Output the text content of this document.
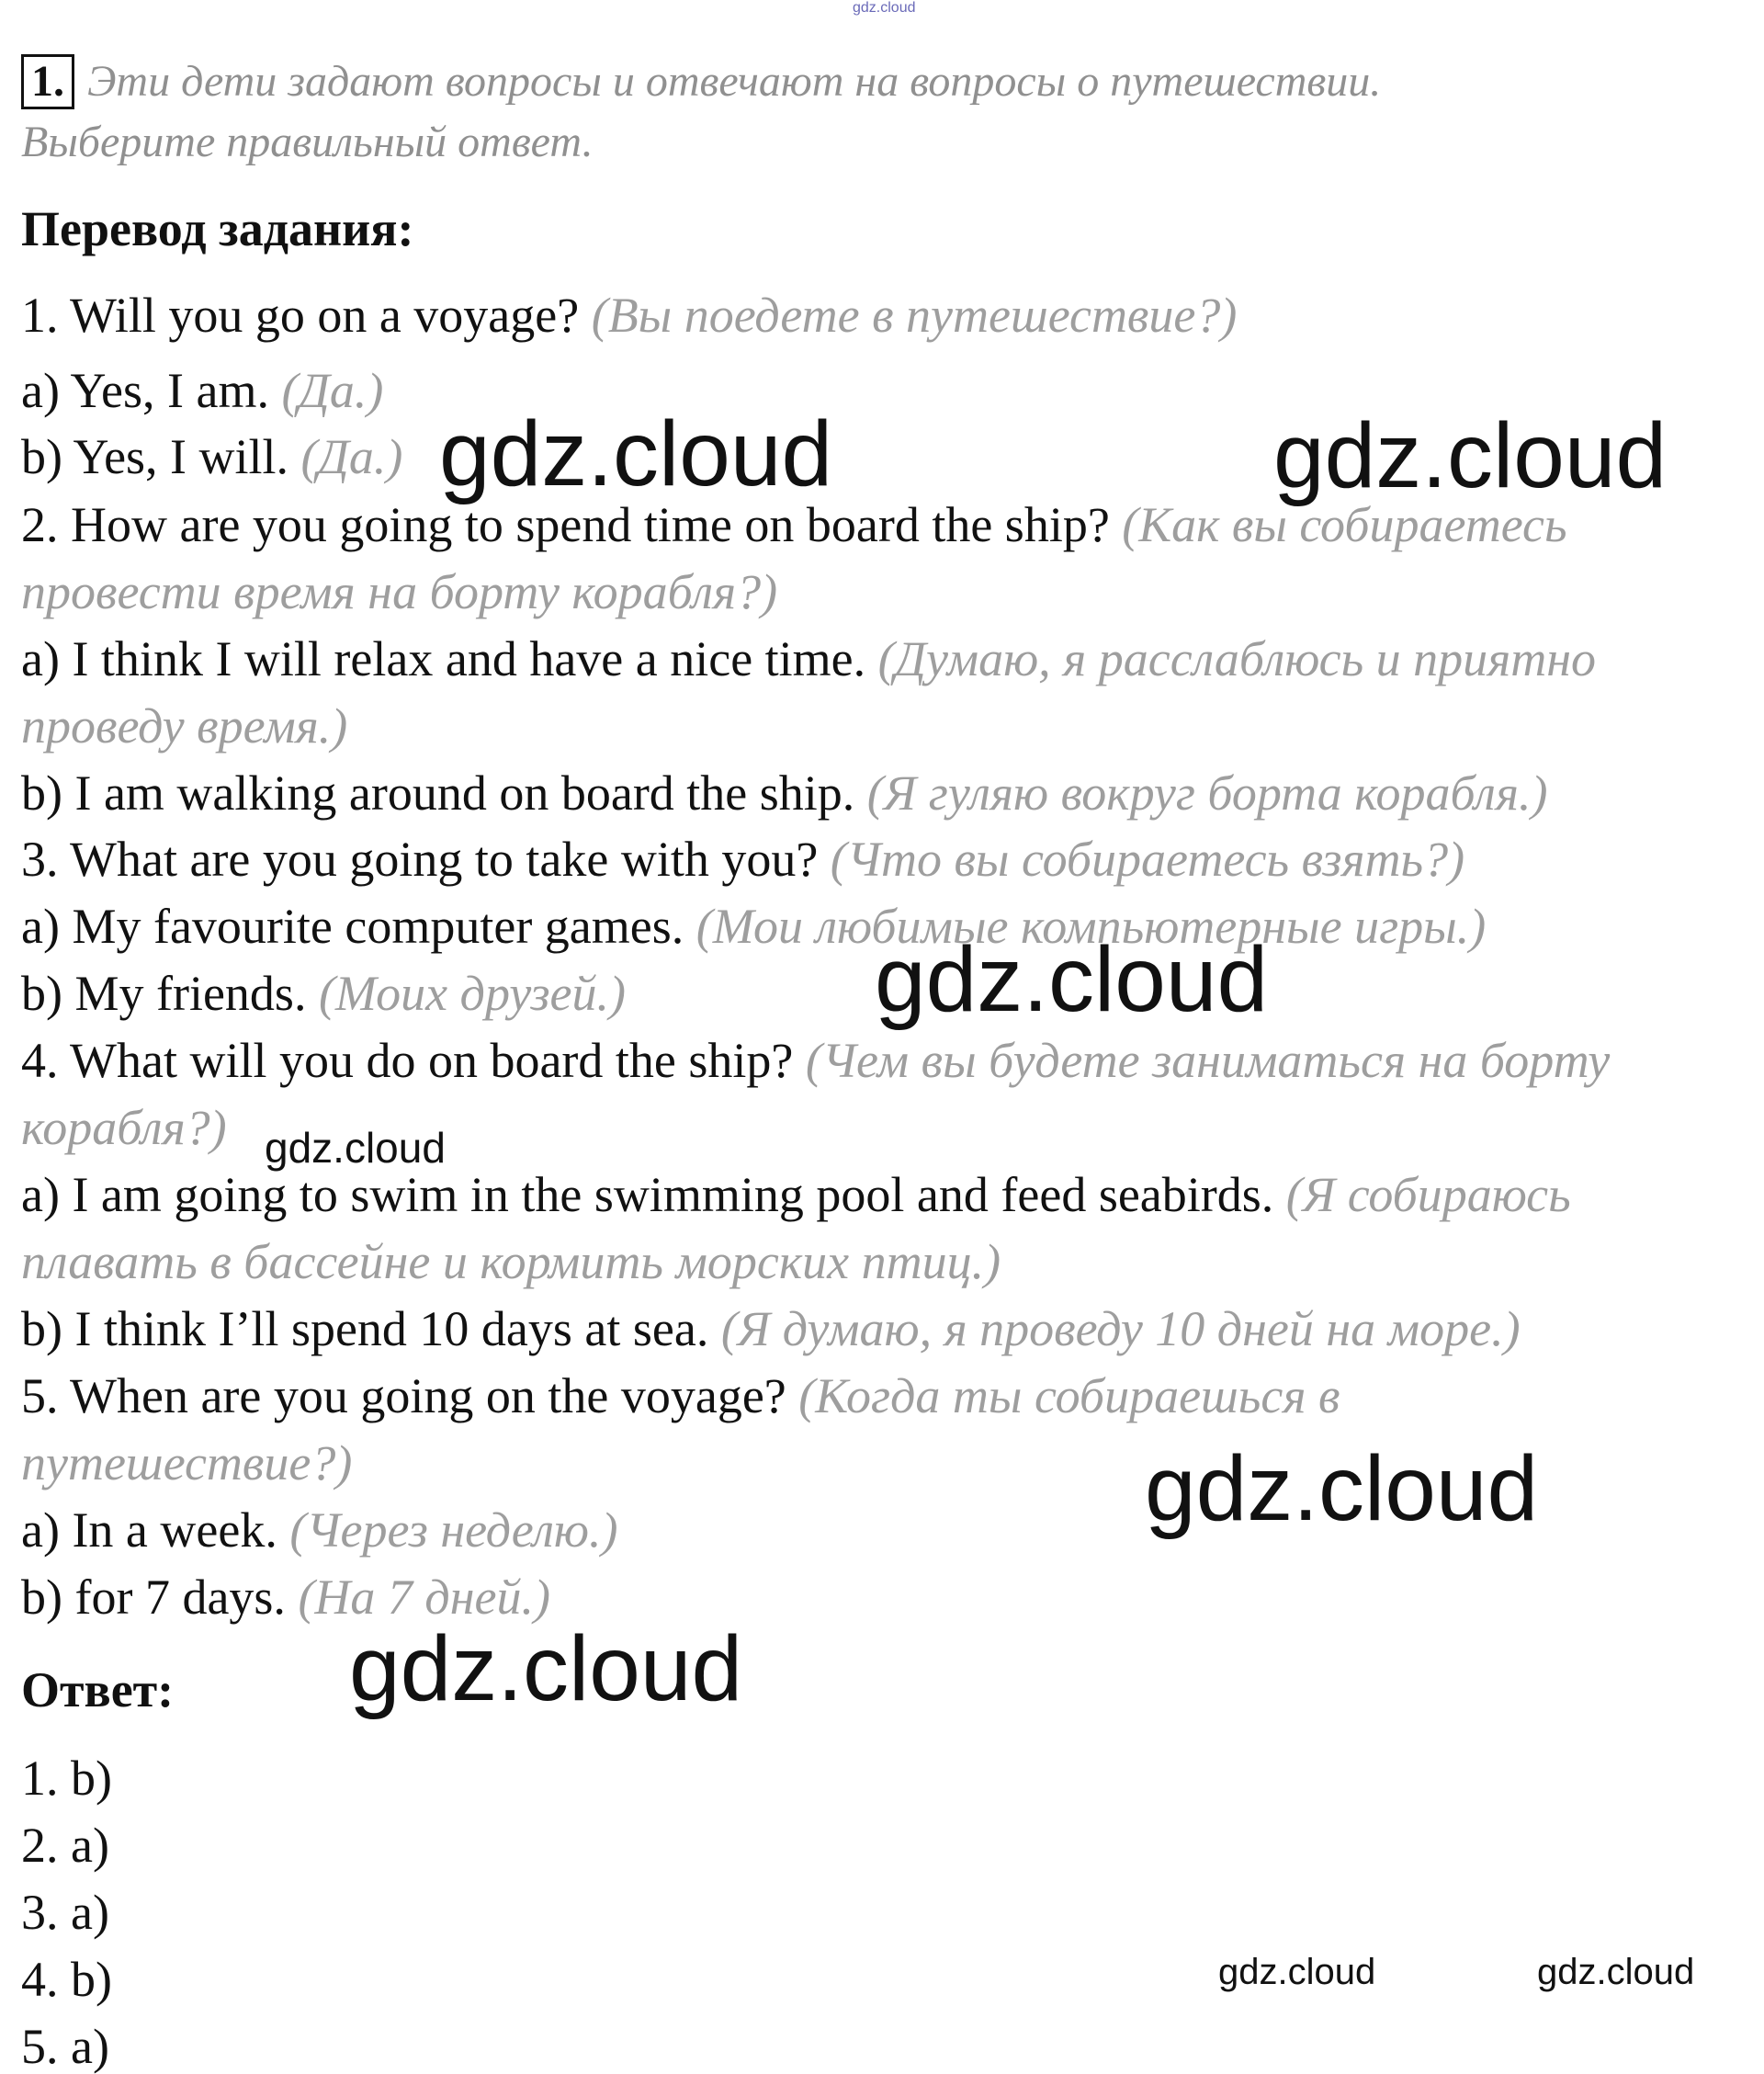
gdz.cloud
1. Эти дети задают вопросы и отвечают на вопросы о путешествии. Выберите правильный ответ.
Перевод задания:
1. Will you go on a voyage? (Вы поедете в путешествие?)
a) Yes, I am. (Да.)
b) Yes, I will. (Да.)
2. How are you going to spend time on board the ship? (Как вы собираетесь
провести время на борту корабля?)
a) I think I will relax and have a nice time. (Думаю, я расслаблюсь и приятно
проведу время.)
b) I am walking around on board the ship. (Я гуляю вокруг борта корабля.)
3. What are you going to take with you? (Что вы собираетесь взять?)
a) My favourite computer games. (Мои любимые компьютерные игры.)
b) My friends. (Моих друзей.)
4. What will you do on board the ship? (Чем вы будете заниматься на борту
корабля?)
a) I am going to swim in the swimming pool and feed seabirds. (Я собираюсь
плавать в бассейне и кормить морских птиц.)
b) I think I’ll spend 10 days at sea. (Я думаю, я проведу 10 дней на море.)
5. When are you going on the voyage? (Когда ты собираешься в
путешествие?)
a) In a week. (Через неделю.)
b) for 7 days. (На 7 дней.)
Ответ:
1. b)
2. a)
3. a)
4. b)
5. a)
gdz.cloud	gdz.cloud
gdz.cloud
gdz.cloud
gdz.cloud
gdz.cloud
gdz.cloud	gdz.cloud
